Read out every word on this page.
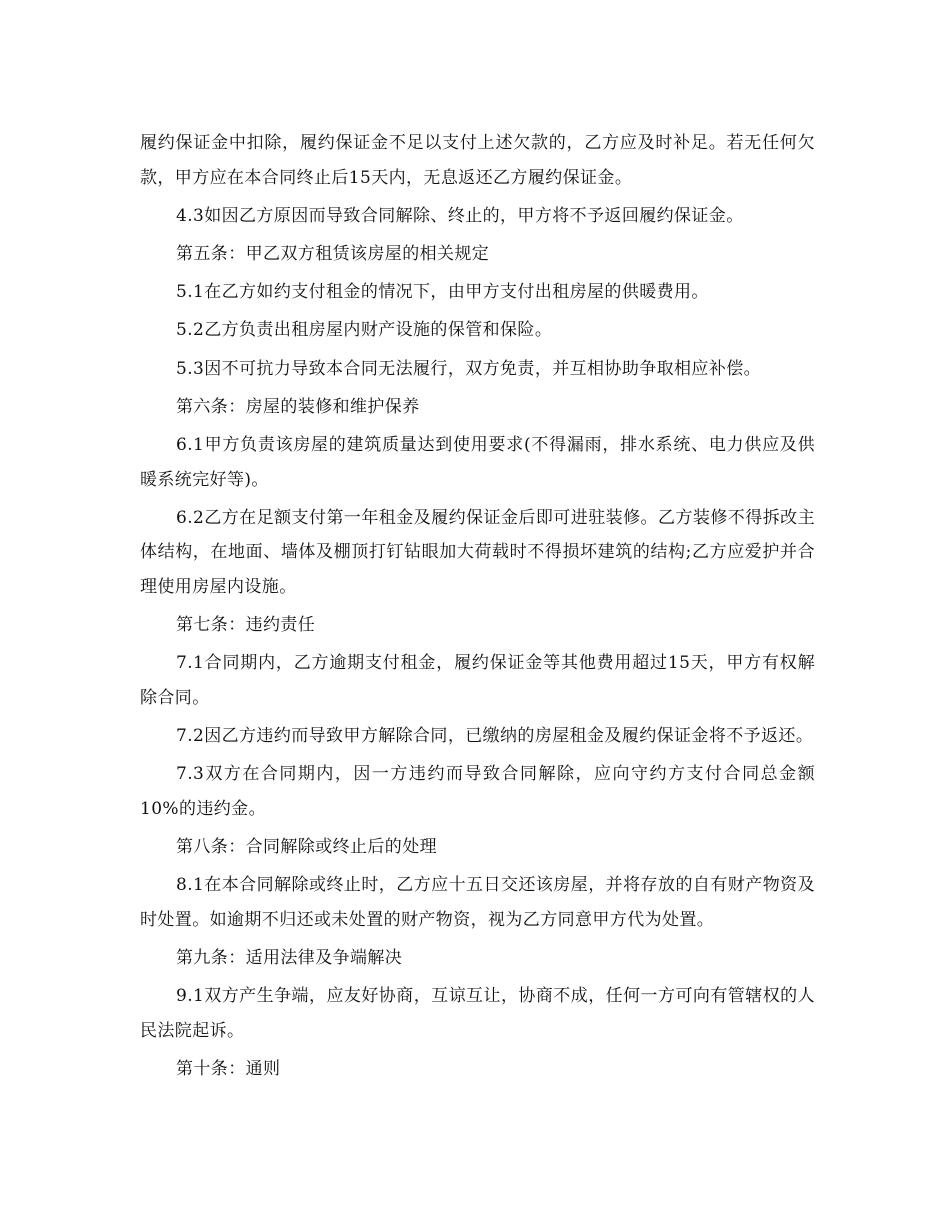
履约保证金中扣除，履约保证金不足以支付上述欠款的，乙方应及时补足。若无任何欠款，甲方应在本合同终止后15天内，无息返还乙方履约保证金。

4.3如因乙方原因而导致合同解除、终止的，甲方将不予返回履约保证金。

第五条：甲乙双方租赁该房屋的相关规定

5.1在乙方如约支付租金的情况下，由甲方支付出租房屋的供暖费用。

5.2乙方负责出租房屋内财产设施的保管和保险。

5.3因不可抗力导致本合同无法履行，双方免责，并互相协助争取相应补偿。

第六条：房屋的装修和维护保养

6.1甲方负责该房屋的建筑质量达到使用要求(不得漏雨，排水系统、电力供应及供暖系统完好等)。

6.2乙方在足额支付第一年租金及履约保证金后即可进驻装修。乙方装修不得拆改主体结构，在地面、墙体及棚顶打钉钻眼加大荷载时不得损坏建筑的结构;乙方应爱护并合理使用房屋内设施。

第七条：违约责任

7.1合同期内，乙方逾期支付租金，履约保证金等其他费用超过15天，甲方有权解除合同。

7.2因乙方违约而导致甲方解除合同，已缴纳的房屋租金及履约保证金将不予返还。

7.3双方在合同期内，因一方违约而导致合同解除，应向守约方支付合同总金额10%的违约金。

第八条：合同解除或终止后的处理

8.1在本合同解除或终止时，乙方应十五日交还该房屋，并将存放的自有财产物资及时处置。如逾期不归还或未处置的财产物资，视为乙方同意甲方代为处置。

第九条：适用法律及争端解决

9.1双方产生争端，应友好协商，互谅互让，协商不成，任何一方可向有管辖权的人民法院起诉。

第十条：通则
